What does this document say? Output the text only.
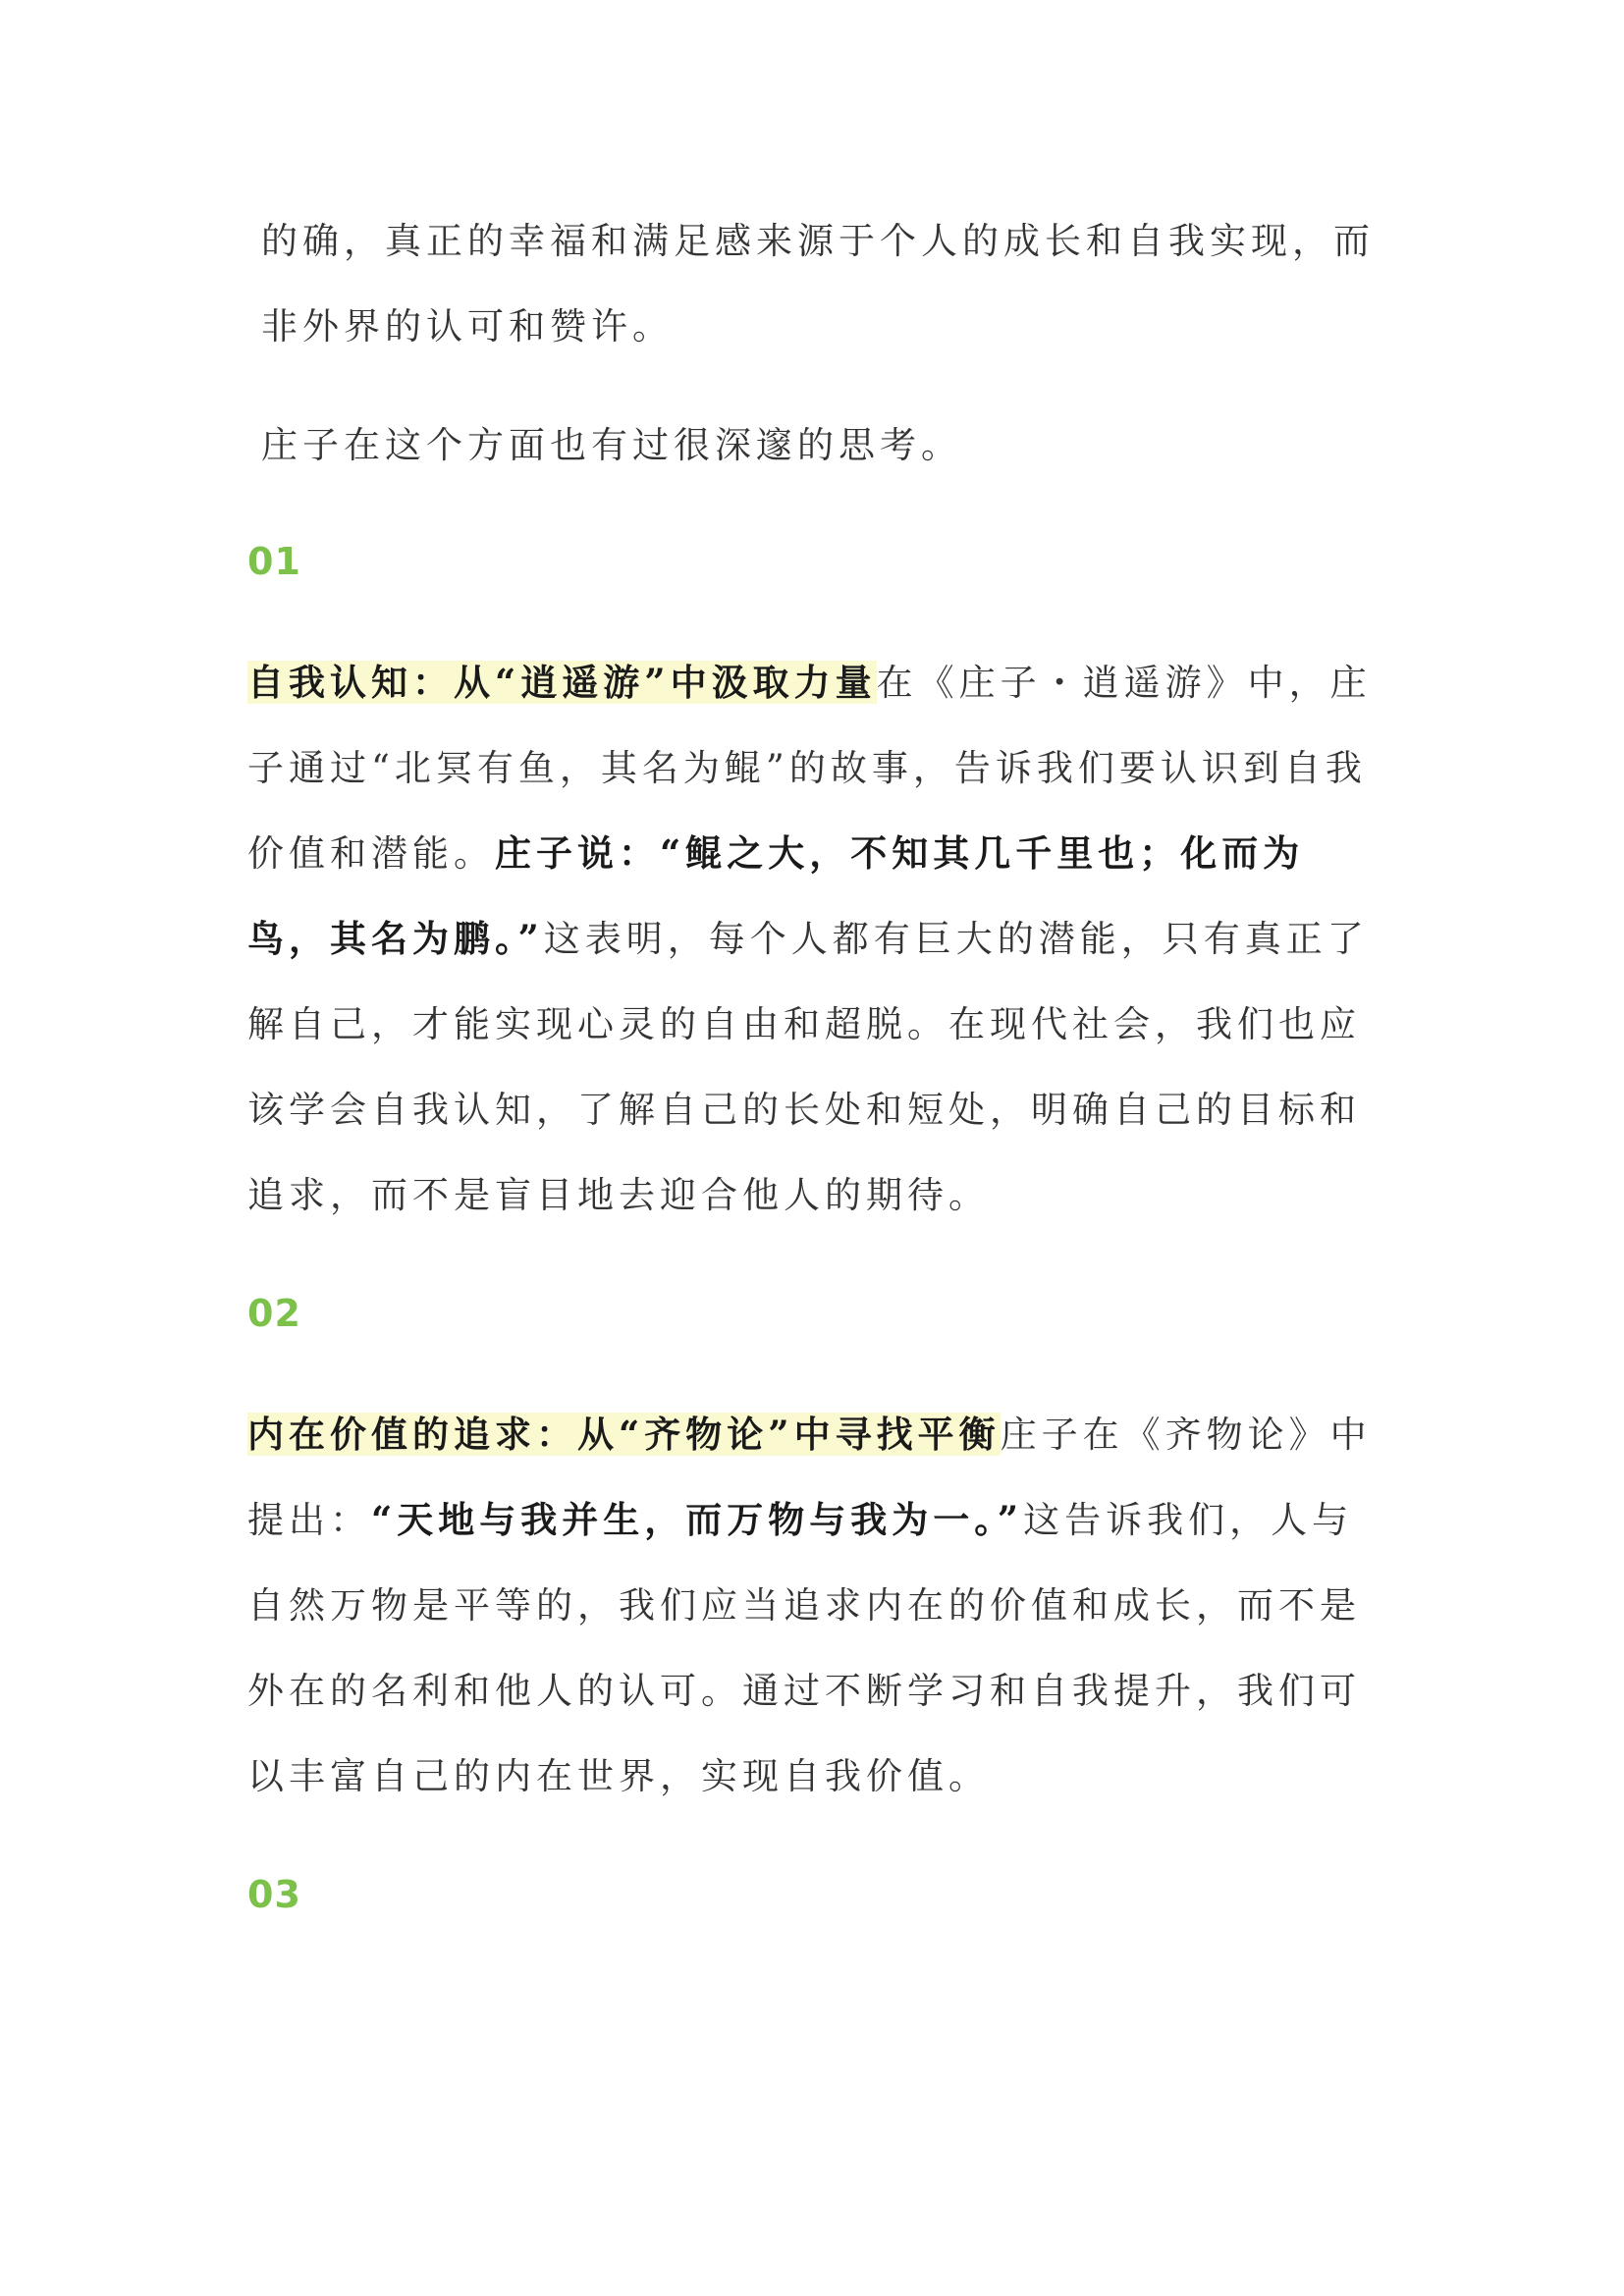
的确，真正的幸福和满足感来源于个人的成长和自我实现，而非外界的认可和赞许。

庄子在这个方面也有过很深邃的思考。

01

自我认知：从“逍遥游”中汲取力量在《庄子・逍遥游》中，庄子通过“北冥有鱼，其名为鲲”的故事，告诉我们要认识到自我价值和潜能。庄子说：“鲲之大，不知其几千里也；化而为鸟，其名为鹏。”这表明，每个人都有巨大的潜能，只有真正了解自己，才能实现心灵的自由和超脱。在现代社会，我们也应该学会自我认知，了解自己的长处和短处，明确自己的目标和追求，而不是盲目地去迎合他人的期待。

02

内在价值的追求：从“齐物论”中寻找平衡庄子在《齐物论》中提出：“天地与我并生，而万物与我为一。”这告诉我们，人与自然万物是平等的，我们应当追求内在的价值和成长，而不是外在的名利和他人的认可。通过不断学习和自我提升，我们可以丰富自己的内在世界，实现自我价值。

03
